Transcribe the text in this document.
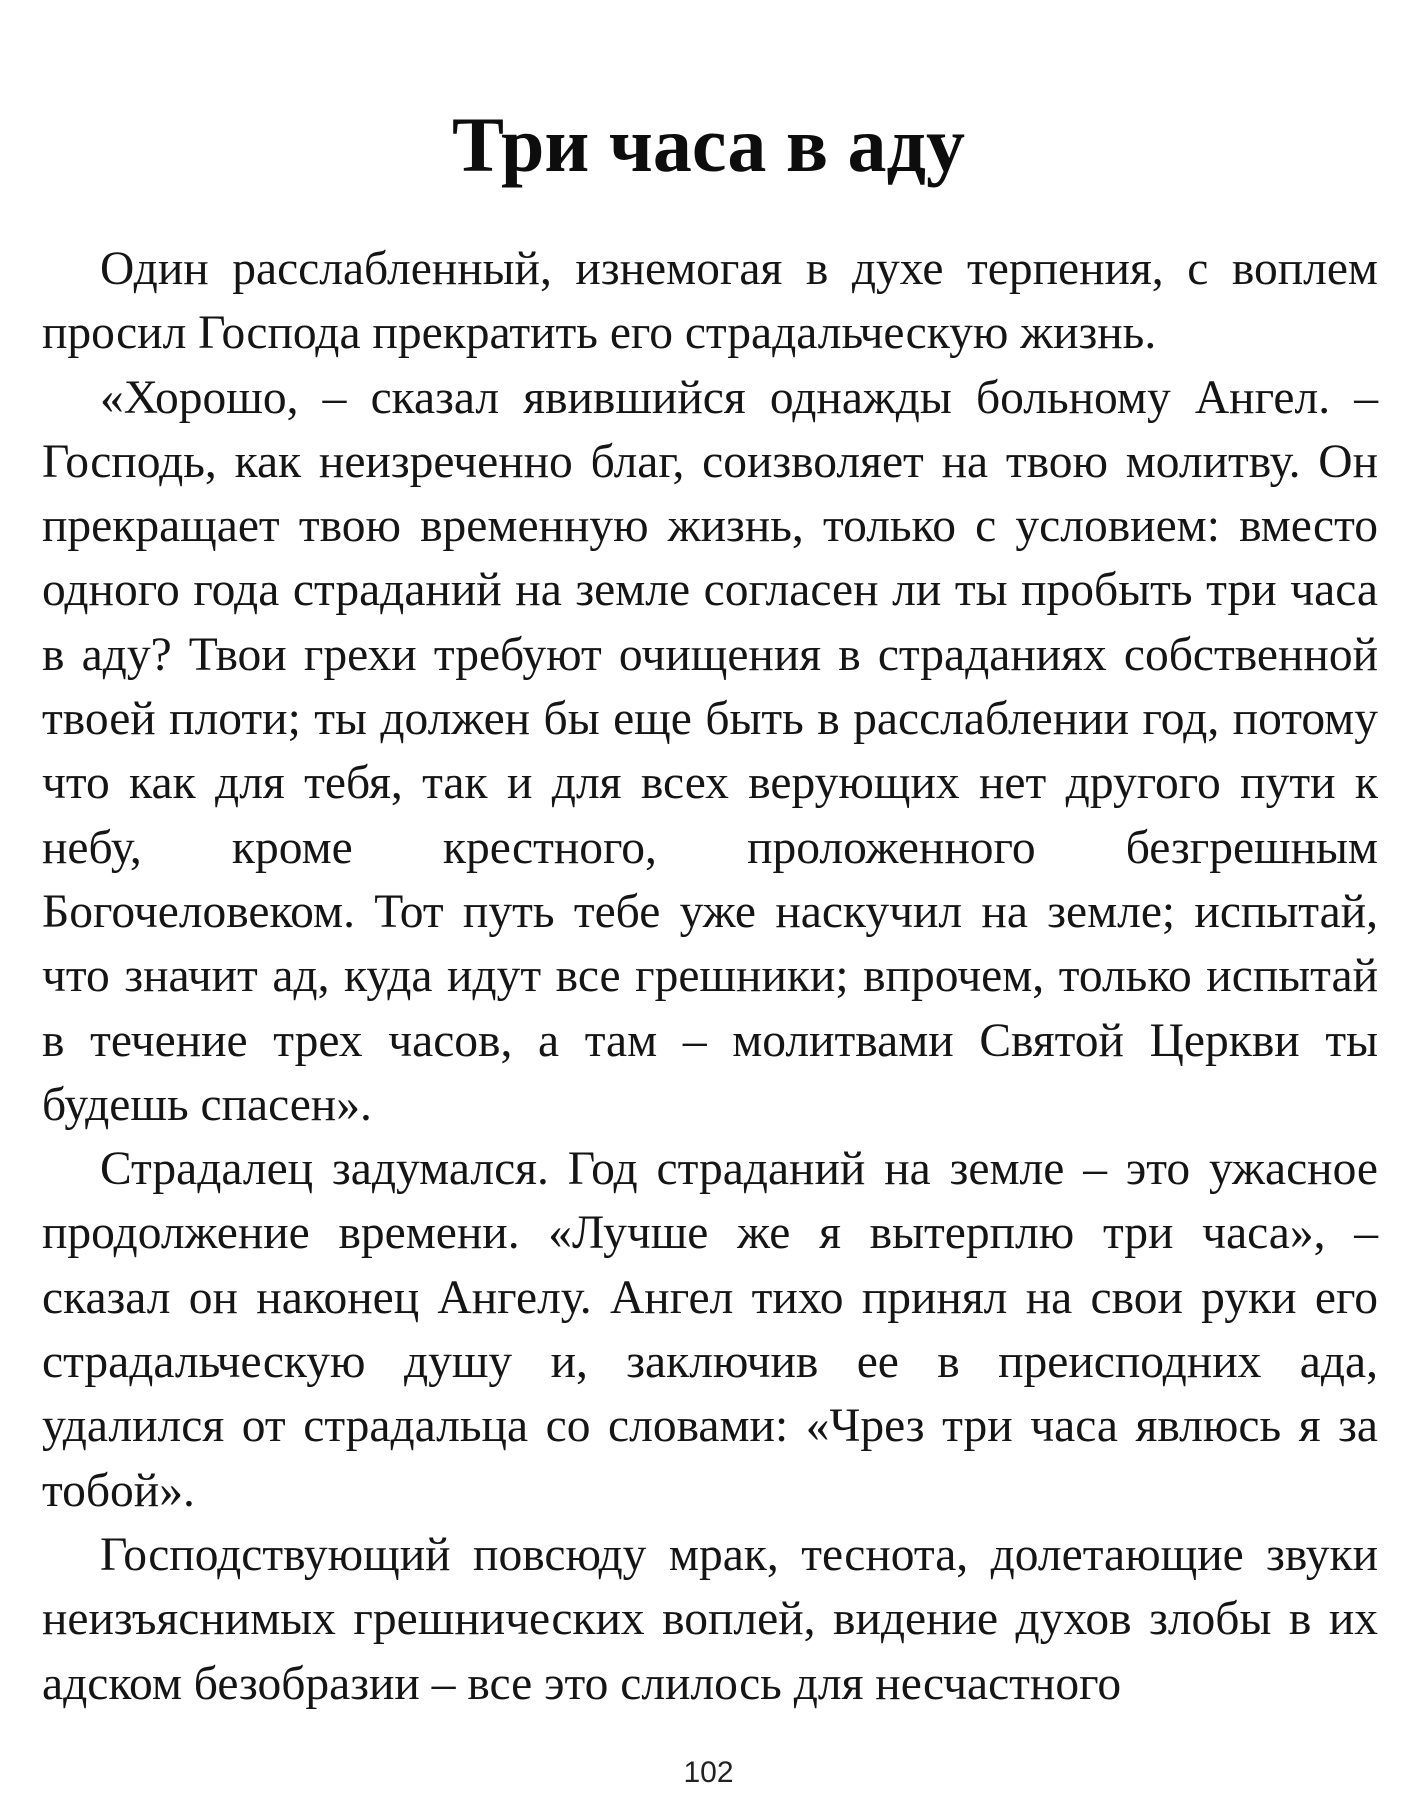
Три часа в аду

Один расслабленный, изнемогая в духе терпения, с воплем просил Господа прекратить его страдальческую жизнь.

«Хорошо, – сказал явившийся однажды больному Ангел. – Господь, как неизреченно благ, соизволяет на твою молитву. Он прекращает твою временную жизнь, только с условием: вместо одного года страданий на земле согласен ли ты пробыть три часа в аду? Твои грехи требуют очищения в страданиях собственной твоей плоти; ты должен бы еще быть в расслаблении год, потому что как для тебя, так и для всех верующих нет другого пути к небу, кроме крестного, проложенного безгрешным Богочеловеком. Тот путь тебе уже наскучил на земле; испытай, что значит ад, куда идут все грешники; впрочем, только испытай в течение трех часов, а там – молитвами Святой Церкви ты будешь спасен».

Страдалец задумался. Год страданий на земле – это ужасное продолжение времени. «Лучше же я вытерплю три часа», – сказал он наконец Ангелу. Ангел тихо принял на свои руки его страдальческую душу и, заключив ее в преисподних ада, удалился от страдальца со словами: «Чрез три часа явлюсь я за тобой».

Господствующий повсюду мрак, теснота, долетающие звуки неизъяснимых грешнических воплей, видение духов злобы в их адском безобразии – все это слилось для несчастного

102
